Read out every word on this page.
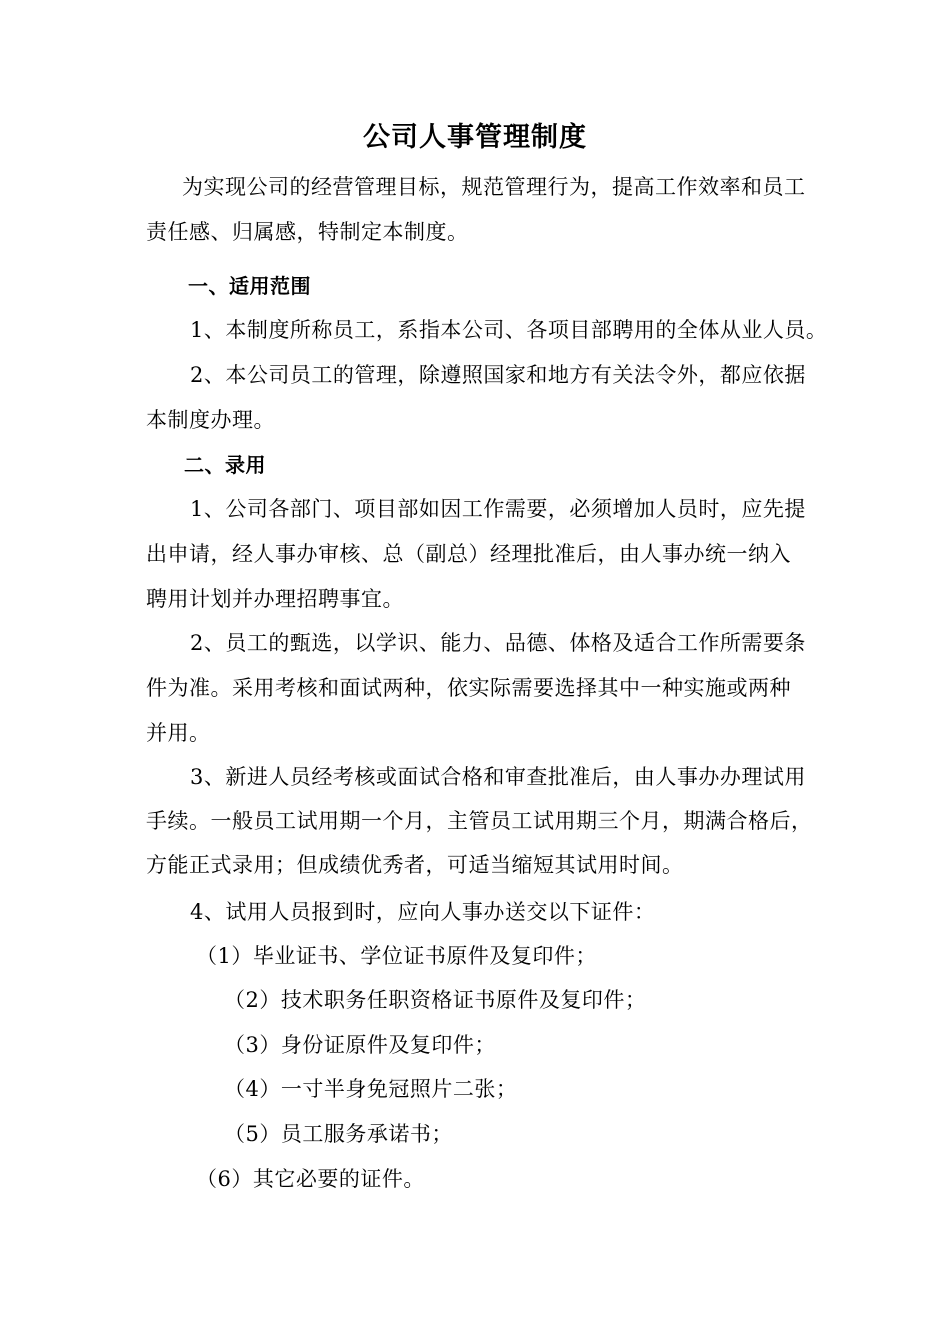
公司人事管理制度
为实现公司的经营管理目标，规范管理行为，提高工作效率和员工
责任感、归属感，特制定本制度。
一、适用范围
1、本制度所称员工，系指本公司、各项目部聘用的全体从业人员。
2、本公司员工的管理，除遵照国家和地方有关法令外，都应依据
本制度办理。
二、录用
1、公司各部门、项目部如因工作需要，必须增加人员时，应先提
出申请，经人事办审核、总（副总）经理批准后，由人事办统一纳入
聘用计划并办理招聘事宜。
2、员工的甄选，以学识、能力、品德、体格及适合工作所需要条
件为准。采用考核和面试两种，依实际需要选择其中一种实施或两种
并用。
3、新进人员经考核或面试合格和审查批准后，由人事办办理试用
手续。一般员工试用期一个月，主管员工试用期三个月，期满合格后，
方能正式录用；但成绩优秀者，可适当缩短其试用时间。
4、试用人员报到时，应向人事办送交以下证件：
（1）毕业证书、学位证书原件及复印件；
（2）技术职务任职资格证书原件及复印件；
（3）身份证原件及复印件；
（4）一寸半身免冠照片二张；
（5）员工服务承诺书；
（6）其它必要的证件。
